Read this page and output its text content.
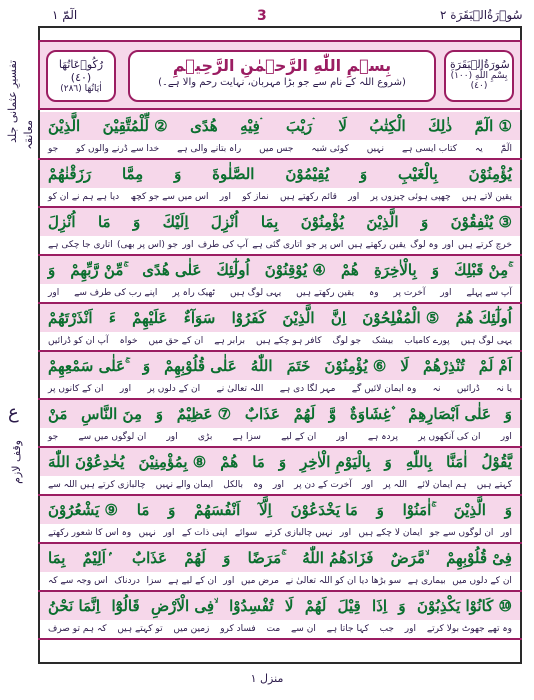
سُوۡرَةُالۡبَقَرَة ٢
3
الٓمّٓ ١
سُورَةُالۡبَقَرَةِ
(١٠٠) بِسْمِ اللّٰهِ (٤٠)
بِسۡمِ اللّٰهِ الرَّحۡمٰنِ الرَّحِيۡمِ
(شروع اللہ کے نام سے جو بڑا مہربان، نہایت رحم والا ہے۔)
رُكُوۡعَاتُهَا (٤٠)
اٰيَاتُهَا (٢٨٦)
تفسیرِ عثمانی جلد معانقہ
ع
وقف لازم
الٓمّٓ ①
ذٰلِكَ
الْكِتٰبُ
لَا
رَيْبَ ۛ
فِيْهِ ۛ
هُدًى
لِّلْمُتَّقِيْنَ ②
الَّذِيْنَ
الٓمّٓ
یہ
کتاب ایسی ہے
نہیں
کوئی شبہ
جس میں
راہ بتانے والی ہے
خدا سے ڈرنے والوں کو
جو
يُؤْمِنُوْنَ
بِالْغَيْبِ
وَ
يُقِيْمُوْنَ
الصَّلٰوةَ
وَ
مِمَّا
رَزَقْنٰهُمْ
یقین لاتے ہیں
چھپی ہوئی چیزوں پر
اور
قائم رکھتے ہیں
نماز کو
اور
اس میں سے جو کچھ
دیا ہے ہم نے ان کو
يُنْفِقُوْنَ ③
وَ
الَّذِيْنَ
يُؤْمِنُوْنَ
بِمَا
اُنْزِلَ
اِلَيْكَ
وَ
مَا
اُنْزِلَ
خرچ کرتے ہیں
اور
وہ لوگ
یقین رکھتے ہیں
اس پر جو
اتاری گئی ہے
آپ کی طرف
اور
(اس پر بھی) جو
اتاری جا چکی ہے
مِنْ قَبْلِكَ ۚ
وَ
بِالْاٰخِرَةِ
هُمْ
يُوْقِنُوْنَ ④
اُولٰٓئِكَ
عَلٰى هُدًى
مِّنْ رَّبِّهِمْ ۚ
وَ
آپ سے پہلے
اور
آخرت پر
وہ
یقین رکھتے ہیں
یہی لوگ ہیں
ٹھیک راہ پر
اپنے رب کی طرف سے
اور
اُولٰٓئِكَ هُمُ
الْمُفْلِحُوْنَ ⑤
اِنَّ
الَّذِيْنَ
كَفَرُوْا
سَوَآءٌ
عَلَيْهِمْ
ءَ
اَنْذَرْتَهُمْ
یہی لوگ ہیں
پورے کامیاب
بیشک
جو لوگ
کافر ہو چکے ہیں
برابر ہے
ان کے حق میں
خواہ
آپ ان کو ڈرائیں
اَمْ لَمْ
تُنْذِرْهُمْ
لَا
يُؤْمِنُوْنَ ⑥
خَتَمَ
اللّٰهُ
عَلٰى قُلُوْبِهِمْ
وَ
عَلٰى سَمْعِهِمْ ۚ
یا نہ
ڈرائیں
نہ
وہ ایمان لائیں گے
مہر لگا دی ہے
اللہ تعالیٰ نے
ان کے دلوں پر
اور
ان کے کانوں پر
وَ
عَلٰى اَبْصَارِهِمْ
غِشَاوَةٌ ۫
وَّ
لَهُمْ
عَذَابٌ
عَظِيْمٌ ⑦
وَ
مِنَ النَّاسِ
مَنْ
اور
ان کی آنکھوں پر
پردہ ہے
اور
ان کے لیے
سزا ہے
بڑی
اور
ان لوگوں میں سے
جو
يَّقُوْلُ
اٰمَنَّا
بِاللّٰهِ
وَ
بِالْيَوْمِ الْاٰخِرِ
وَ
مَا
هُمْ
بِمُؤْمِنِيْنَ ⑧
يُخٰدِعُوْنَ اللّٰهَ
کہتے ہیں
ہم ایمان لائے
اللہ پر
اور
آخرت کے دن پر
اور
وہ
بالکل
ایمان والے نہیں
چالبازی کرتے ہیں اللہ سے
وَ
الَّذِيْنَ
اٰمَنُوْا ۚ
وَ
مَا يَخْدَعُوْنَ
اِلَّآ
اَنْفُسَهُمْ
وَ
مَا
يَشْعُرُوْنَ ⑨
اور
ان لوگوں سے جو
ایمان لا چکے ہیں
اور
نہیں چالبازی کرتے
سوائے
اپنی ذات کے
اور
نہیں
وہ اس کا شعور رکھتے
فِىْ قُلُوْبِهِمْ
مَّرَضٌ ۙ
فَزَادَهُمُ اللّٰهُ
مَرَضًا ۚ
وَ
لَهُمْ
عَذَابٌ
اَلِيْمٌ ۢ
بِمَا
ان کے دلوں میں
بیماری ہے
سو بڑھا دیا ان کو اللہ تعالیٰ نے
مرض میں
اور
ان کے لیے ہے
سزا
دردناک
اس وجہ سے کہ
كَانُوْا يَكْذِبُوْنَ ⑩
وَ
اِذَا
قِيْلَ
لَهُمْ
لَا
تُفْسِدُوْا
فِى الْاَرْضِ ۙ
قَالُوْٓا
اِنَّمَا نَحْنُ
وہ تھے جھوٹ بولا کرتے
اور
جب
کہا جاتا ہے
ان سے
مت
فساد کرو
زمین میں
تو کہتے ہیں
کہ ہم تو صرف
منزل ١
